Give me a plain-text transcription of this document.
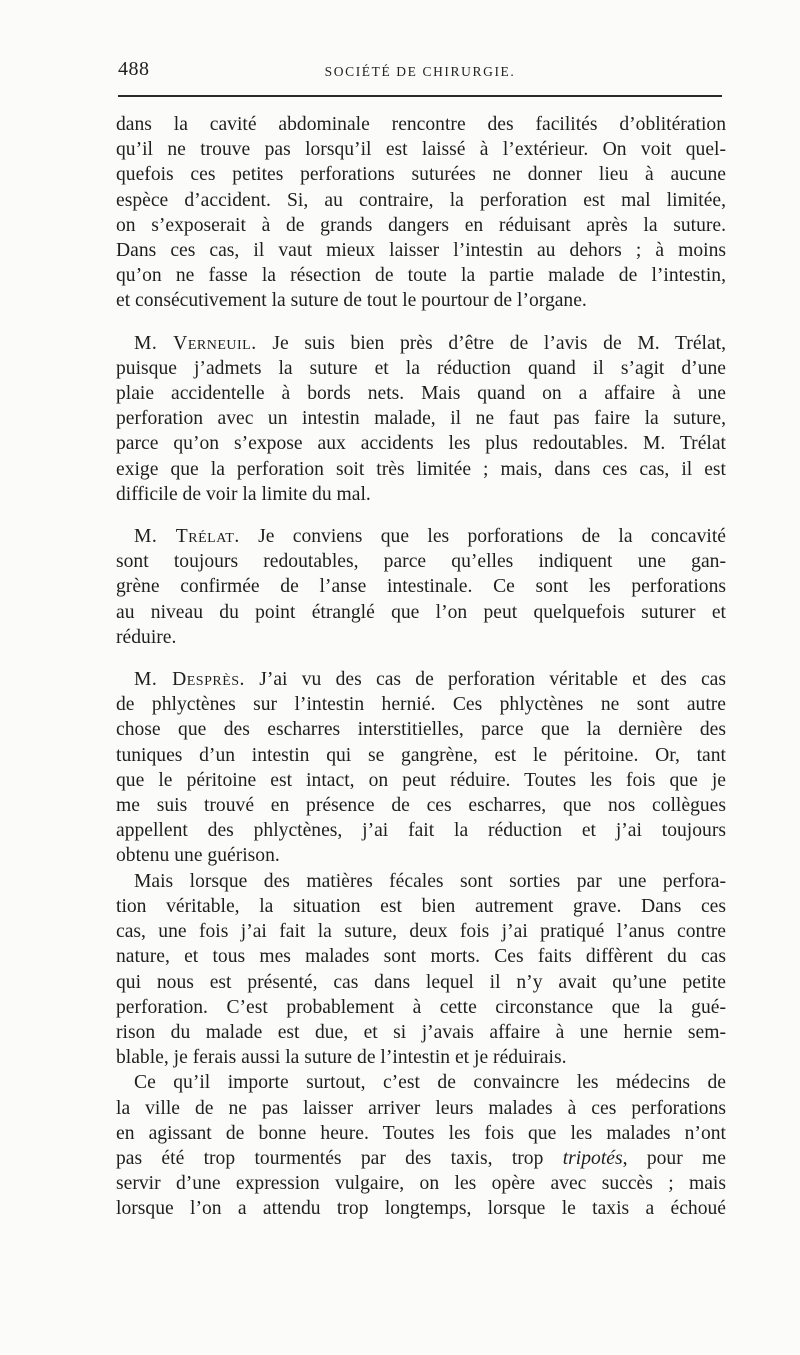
488	SOCIÉTÉ DE CHIRURGIE.
dans la cavité abdominale rencontre des facilités d’oblitération
qu’il ne trouve pas lorsqu’il est laissé à l’extérieur. On voit quel-
quefois ces petites perforations suturées ne donner lieu à aucune
espèce d’accident. Si, au contraire, la perforation est mal limitée,
on s’exposerait à de grands dangers en réduisant après la suture.
Dans ces cas, il vaut mieux laisser l’intestin au dehors ; à moins
qu’on ne fasse la résection de toute la partie malade de l’intestin,
et consécutivement la suture de tout le pourtour de l’organe.
M. Verneuil. Je suis bien près d’être de l’avis de M. Trélat,
puisque j’admets la suture et la réduction quand il s’agit d’une
plaie accidentelle à bords nets. Mais quand on a affaire à une
perforation avec un intestin malade, il ne faut pas faire la suture,
parce qu’on s’expose aux accidents les plus redoutables. M. Trélat
exige que la perforation soit très limitée ; mais, dans ces cas, il est
difficile de voir la limite du mal.
M. Trélat. Je conviens que les porforations de la concavité
sont toujours redoutables, parce qu’elles indiquent une gan-
grène confirmée de l’anse intestinale. Ce sont les perforations
au niveau du point étranglé que l’on peut quelquefois suturer et
réduire.
M. Desprès. J’ai vu des cas de perforation véritable et des cas
de phlyctènes sur l’intestin hernié. Ces phlyctènes ne sont autre
chose que des escharres interstitielles, parce que la dernière des
tuniques d’un intestin qui se gangrène, est le péritoine. Or, tant
que le péritoine est intact, on peut réduire. Toutes les fois que je
me suis trouvé en présence de ces escharres, que nos collègues
appellent des phlyctènes, j’ai fait la réduction et j’ai toujours
obtenu une guérison.
Mais lorsque des matières fécales sont sorties par une perfora-
tion véritable, la situation est bien autrement grave. Dans ces
cas, une fois j’ai fait la suture, deux fois j’ai pratiqué l’anus contre
nature, et tous mes malades sont morts. Ces faits diffèrent du cas
qui nous est présenté, cas dans lequel il n’y avait qu’une petite
perforation. C’est probablement à cette circonstance que la gué-
rison du malade est due, et si j’avais affaire à une hernie sem-
blable, je ferais aussi la suture de l’intestin et je réduirais.
Ce qu’il importe surtout, c’est de convaincre les médecins de
la ville de ne pas laisser arriver leurs malades à ces perforations
en agissant de bonne heure. Toutes les fois que les malades n’ont
pas été trop tourmentés par des taxis, trop tripotés, pour me
servir d’une expression vulgaire, on les opère avec succès ; mais
lorsque l’on a attendu trop longtemps, lorsque le taxis a échoué
